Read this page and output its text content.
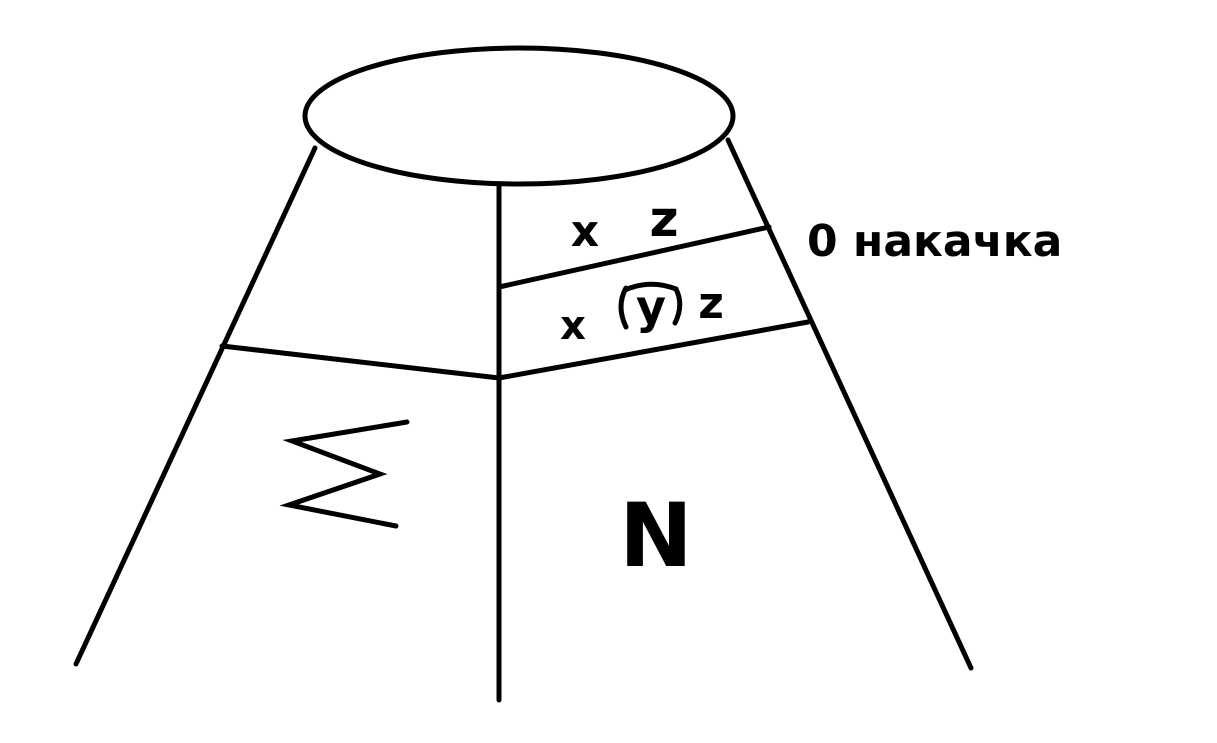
x z
x y z
0 накачка
N
